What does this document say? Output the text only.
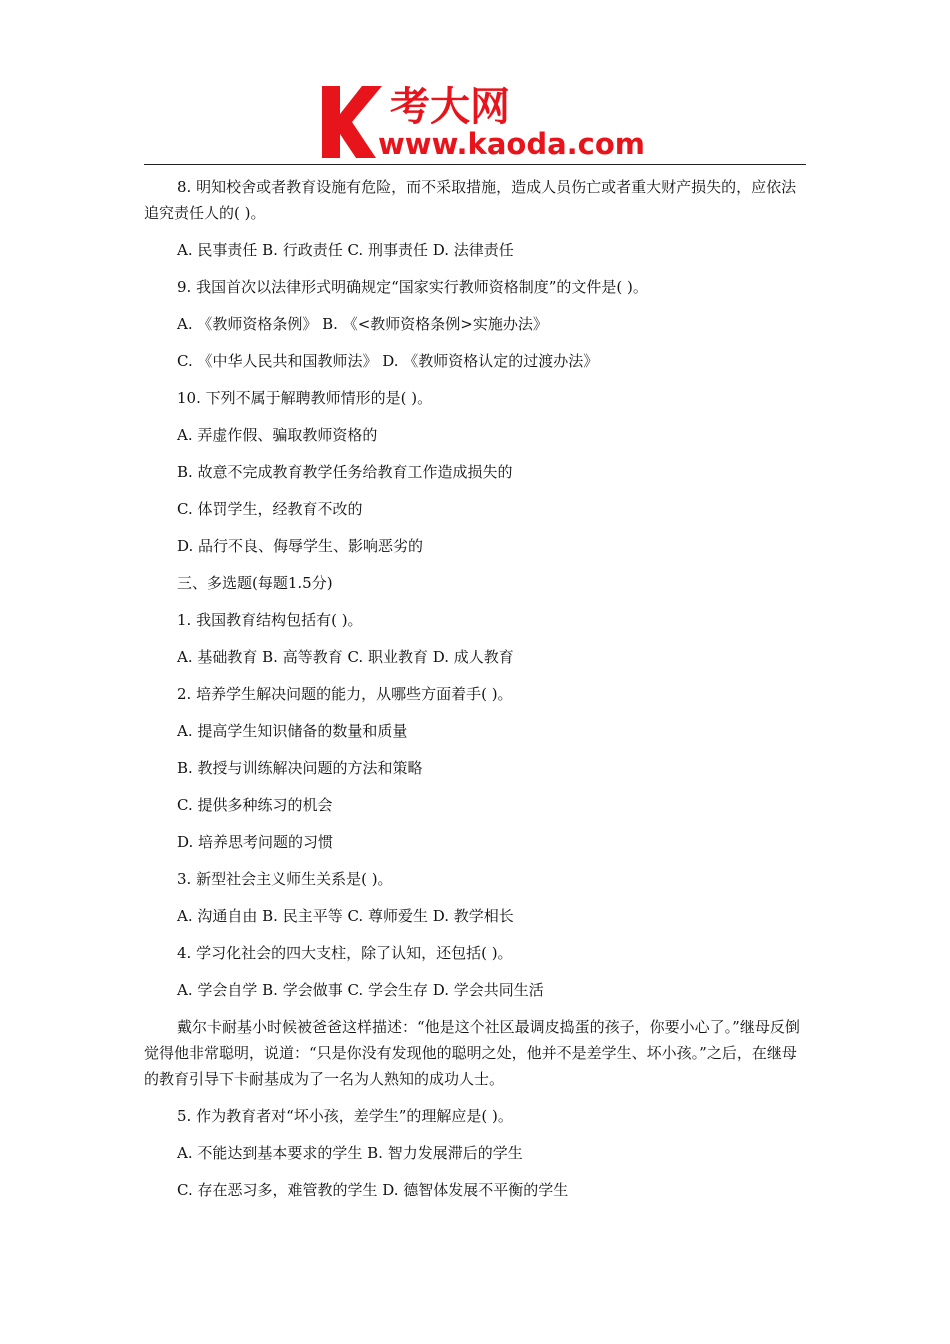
考大网
www.kaoda.com

8. 明知校舍或者教育设施有危险，而不采取措施，造成人员伤亡或者重大财产损失的，应依法追究责任人的( )。

A. 民事责任 B. 行政责任 C. 刑事责任 D. 法律责任

9. 我国首次以法律形式明确规定“国家实行教师资格制度”的文件是( )。

A. 《教师资格条例》 B. 《<教师资格条例>实施办法》

C. 《中华人民共和国教师法》 D. 《教师资格认定的过渡办法》

10. 下列不属于解聘教师情形的是( )。

A. 弄虚作假、骗取教师资格的

B. 故意不完成教育教学任务给教育工作造成损失的

C. 体罚学生，经教育不改的

D. 品行不良、侮辱学生、影响恶劣的

三、多选题(每题1.5分)

1. 我国教育结构包括有( )。

A. 基础教育 B. 高等教育 C. 职业教育 D. 成人教育

2. 培养学生解决问题的能力，从哪些方面着手( )。

A. 提高学生知识储备的数量和质量

B. 教授与训练解决问题的方法和策略

C. 提供多种练习的机会

D. 培养思考问题的习惯

3. 新型社会主义师生关系是( )。

A. 沟通自由 B. 民主平等 C. 尊师爱生 D. 教学相长

4. 学习化社会的四大支柱，除了认知，还包括( )。

A. 学会自学 B. 学会做事 C. 学会生存 D. 学会共同生活

戴尔卡耐基小时候被爸爸这样描述：“他是这个社区最调皮捣蛋的孩子，你要小心了。”继母反倒觉得他非常聪明，说道：“只是你没有发现他的聪明之处，他并不是差学生、坏小孩。”之后，在继母的教育引导下卡耐基成为了一名为人熟知的成功人士。

5. 作为教育者对“坏小孩，差学生”的理解应是( )。

A. 不能达到基本要求的学生 B. 智力发展滞后的学生

C. 存在恶习多，难管教的学生 D. 德智体发展不平衡的学生
